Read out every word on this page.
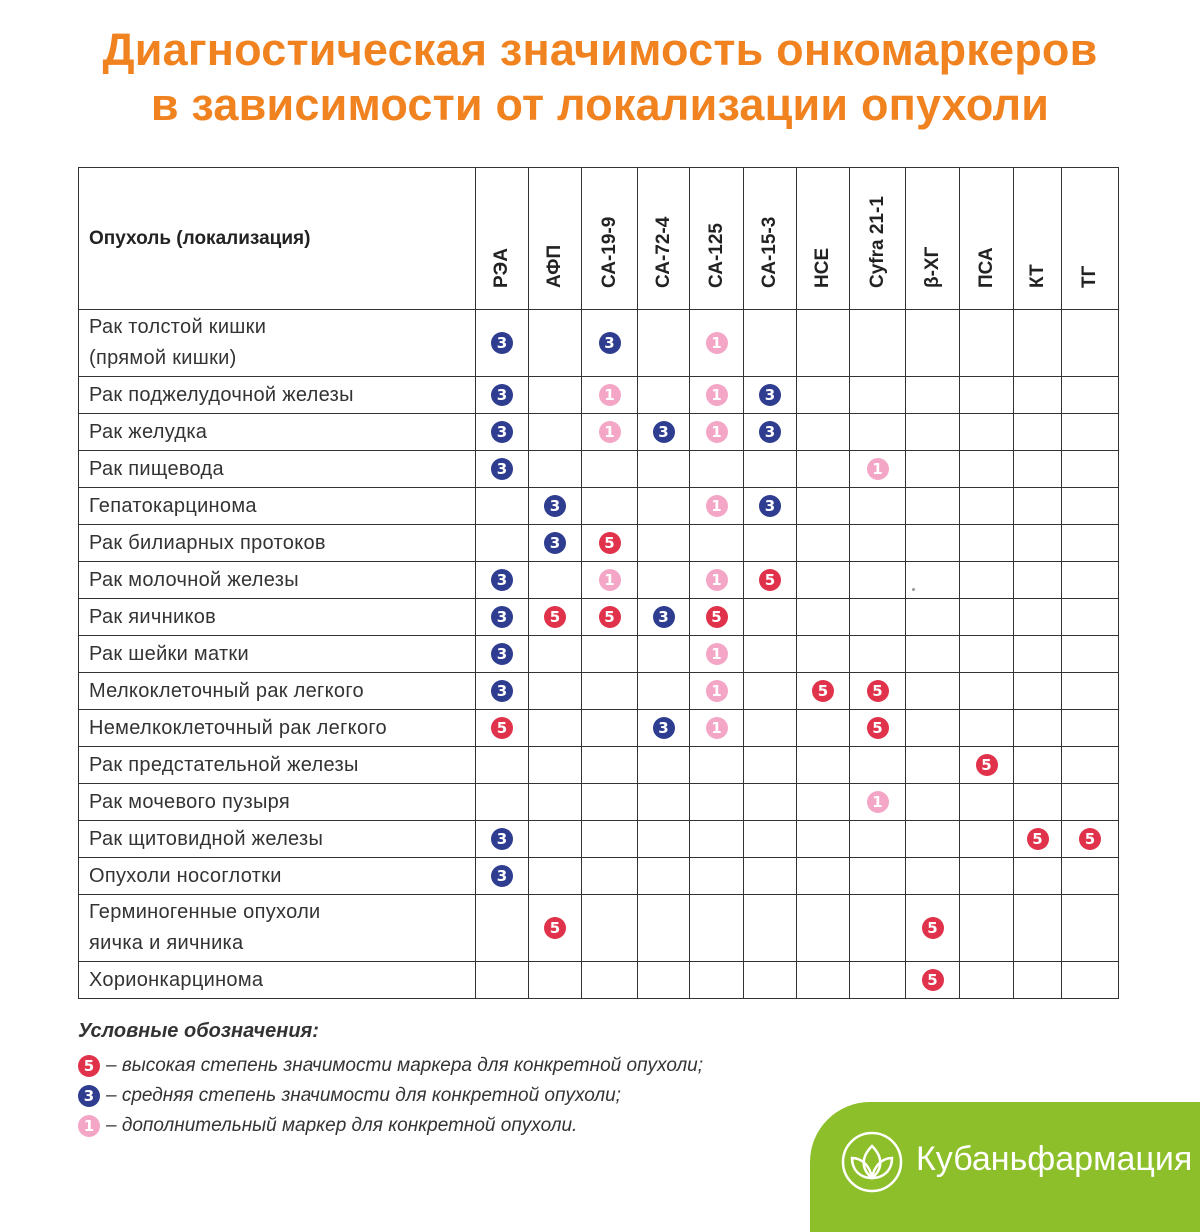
Диагностическая значимость онкомаркеров
в зависимости от локализации опухоли
Опухоль (локализация)	РЭА	АФП	СА-19-9	СА-72-4	СА-125	СА-15-3	НСЕ	Cyfra 21-1	β-ХГ	ПСА	КТ	ТГ

Рак толстой кишки
(прямой кишки)	3		3		1							

Рак поджелудочной железы	3		1		1	3						

Рак желудка	3		1	3	1	3						

Рак пищевода	3							1				

Гепатокарцинома		3			1	3						

Рак билиарных протоков		3	5									

Рак молочной железы	3		1		1	5						

Рак яичников	3	5	5	3	5							

Рак шейки матки	3				1							

Мелкоклеточный рак легкого	3				1		5	5				

Немелкоклеточный рак легкого	5			3	1			5				

Рак предстательной железы										5		

Рак мочевого пузыря								1				

Рак щитовидной железы	3										5	5

Опухоли носоглотки	3											

Герминогенные опухоли
яичка и яичника		5							5			

Хорионкарцинома									5			
Условные обозначения:
5 – высокая степень значимости маркера для конкретной опухоли;
3 – средняя степень значимости для конкретной опухоли;
1 – дополнительный маркер для конкретной опухоли.
Кубаньфармация
